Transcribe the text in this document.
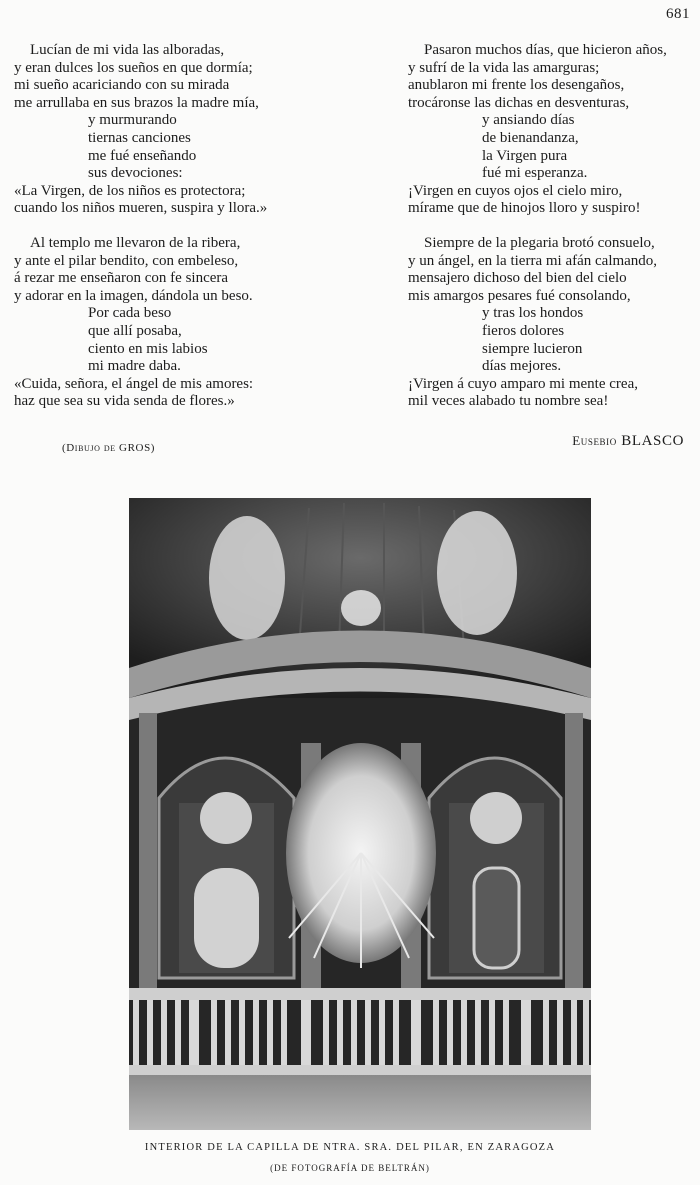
681
Lucían de mi vida las alboradas,
y eran dulces los sueños en que dormía;
mi sueño acariciando con su mirada
me arrullaba en sus brazos la madre mía,
y murmurando
tiernas canciones
me fué enseñando
sus devociones:
«La Virgen, de los niños es protectora;
cuando los niños mueren, suspira y llora.»
Al templo me llevaron de la ribera,
y ante el pilar bendito, con embeleso,
á rezar me enseñaron con fe sincera
y adorar en la imagen, dándola un beso.
Por cada beso
que allí posaba,
ciento en mis labios
mi madre daba.
«Cuida, señora, el ángel de mis amores:
haz que sea su vida senda de flores.»
Pasaron muchos días, que hicieron años,
y sufrí de la vida las amarguras;
anublaron mi frente los desengaños,
trocáronse las dichas en desventuras,
y ansiando días
de bienandanza,
la Virgen pura
fué mi esperanza.
¡Virgen en cuyos ojos el cielo miro,
mírame que de hinojos lloro y suspiro!
Siempre de la plegaria brotó consuelo,
y un ángel, en la tierra mi afán calmando,
mensajero dichoso del bien del cielo
mis amargos pesares fué consolando,
y tras los hondos
fieros dolores
siempre lucieron
días mejores.
¡Virgen á cuyo amparo mi mente crea,
mil veces alabado tu nombre sea!
(Dibujo de GROS)	Eusebio BLASCO
INTERIOR DE LA CAPILLA DE NTRA. SRA. DEL PILAR, EN ZARAGOZA
(DE FOTOGRAFÍA DE BELTRÁN)
